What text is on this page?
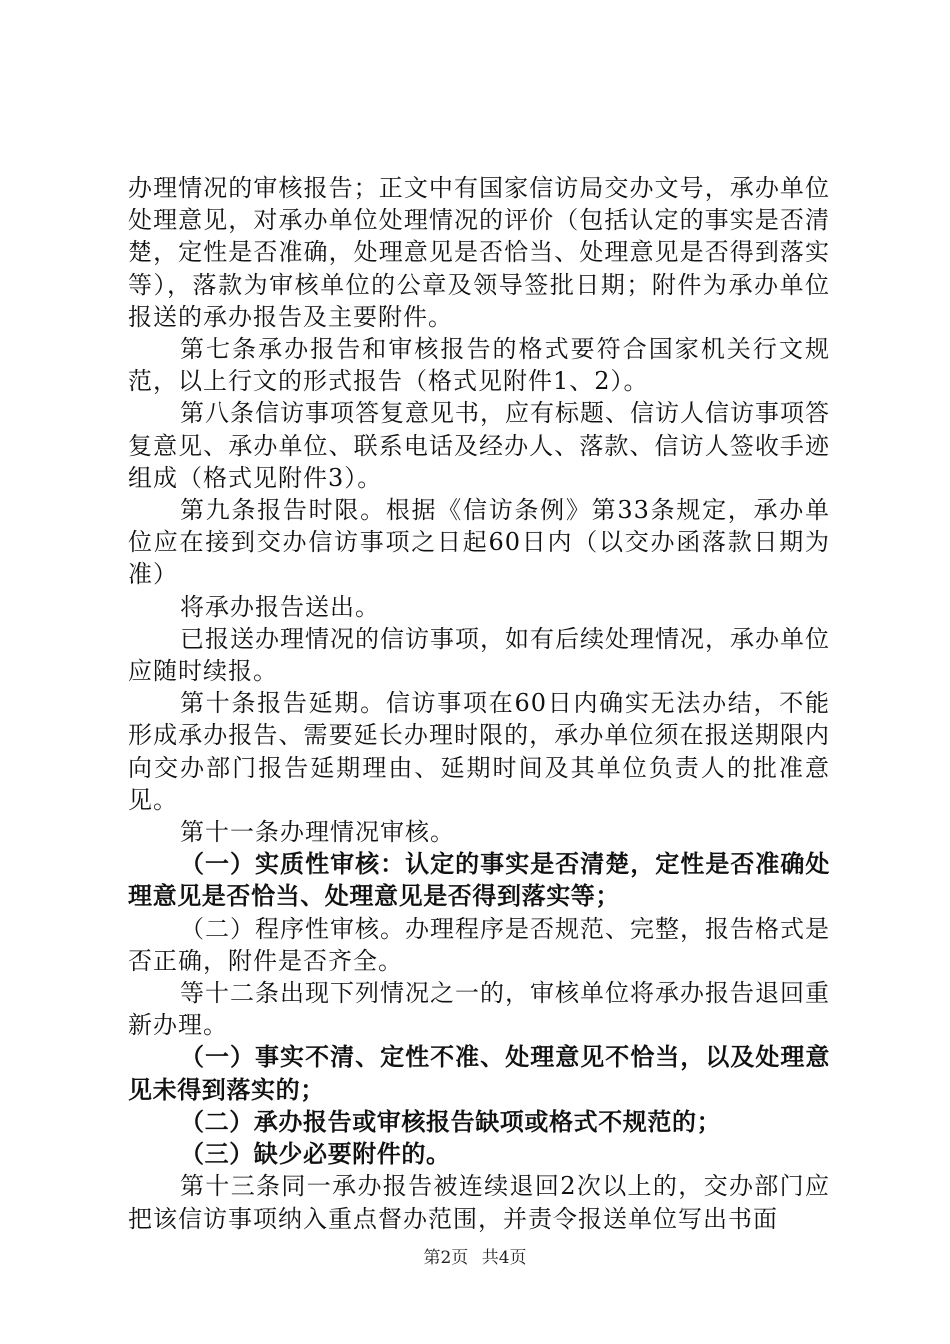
办理情况的审核报告；正文中有国家信访局交办文号，承办单位处理意见，对承办单位处理情况的评价（包括认定的事实是否清楚，定性是否准确，处理意见是否恰当、处理意见是否得到落实等），落款为审核单位的公章及领导签批日期；附件为承办单位报送的承办报告及主要附件。

第七条承办报告和审核报告的格式要符合国家机关行文规范，以上行文的形式报告（格式见附件1、2）。

第八条信访事项答复意见书，应有标题、信访人信访事项答复意见、承办单位、联系电话及经办人、落款、信访人签收手迹组成（格式见附件3）。

第九条报告时限。根据《信访条例》第33条规定，承办单位应在接到交办信访事项之日起60日内（以交办函落款日期为准）

将承办报告送出。

已报送办理情况的信访事项，如有后续处理情况，承办单位应随时续报。

第十条报告延期。信访事项在60日内确实无法办结，不能形成承办报告、需要延长办理时限的，承办单位须在报送期限内向交办部门报告延期理由、延期时间及其单位负责人的批准意见。

第十一条办理情况审核。

（一）实质性审核：认定的事实是否清楚，定性是否准确处理意见是否恰当、处理意见是否得到落实等；

（二）程序性审核。办理程序是否规范、完整，报告格式是否正确，附件是否齐全。

等十二条出现下列情况之一的，审核单位将承办报告退回重新办理。

（一）事实不清、定性不准、处理意见不恰当，以及处理意见未得到落实的；

（二）承办报告或审核报告缺项或格式不规范的；

（三）缺少必要附件的。

第十三条同一承办报告被连续退回2次以上的，交办部门应把该信访事项纳入重点督办范围，并责令报送单位写出书面

第2页 共4页
